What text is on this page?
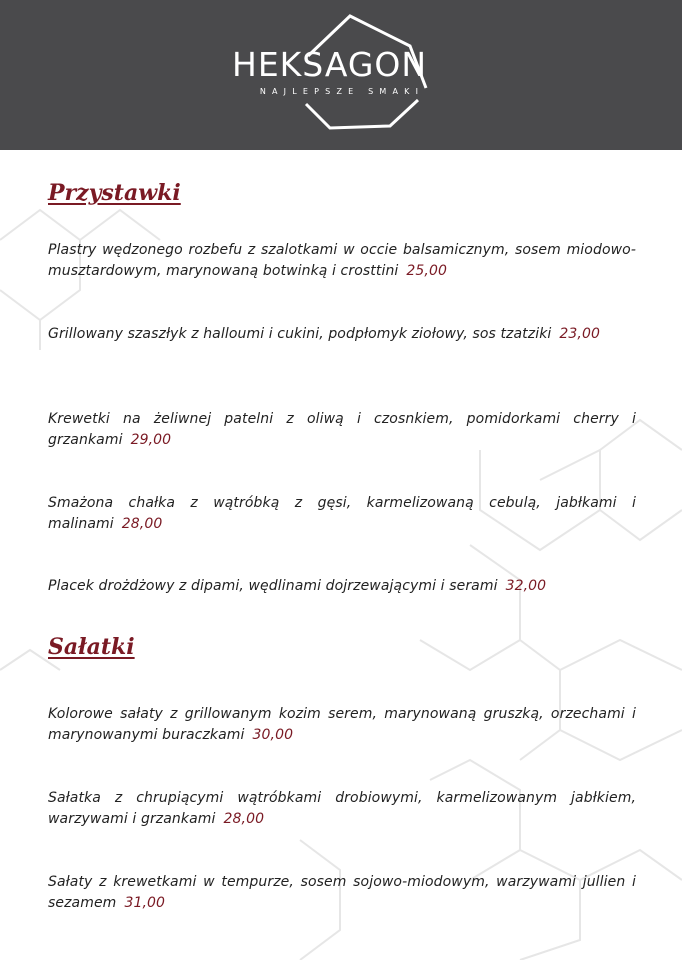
HEKSAGON
NAJLEPSZE SMAKI
Przystawki
Plastry wędzonego rozbefu z szalotkami w occie balsamicznym, sosem miodowo-musztardowym, marynowaną botwinką i crosttini 25,00
Grillowany szaszłyk z halloumi i cukini, podpłomyk ziołowy, sos tzatziki 23,00
Krewetki na żeliwnej patelni z oliwą i czosnkiem, pomidorkami cherry i grzankami 29,00
Smażona chałka z wątróbką z gęsi, karmelizowaną cebulą, jabłkami i malinami 28,00
Placek drożdżowy z dipami, wędlinami dojrzewającymi i serami 32,00
Sałatki
Kolorowe sałaty z grillowanym kozim serem, marynowaną gruszką, orzechami i marynowanymi buraczkami 30,00
Sałatka z chrupiącymi wątróbkami drobiowymi, karmelizowanym jabłkiem, warzywami i grzankami 28,00
Sałaty z krewetkami w tempurze, sosem sojowo-miodowym, warzywami jullien i sezamem 31,00
